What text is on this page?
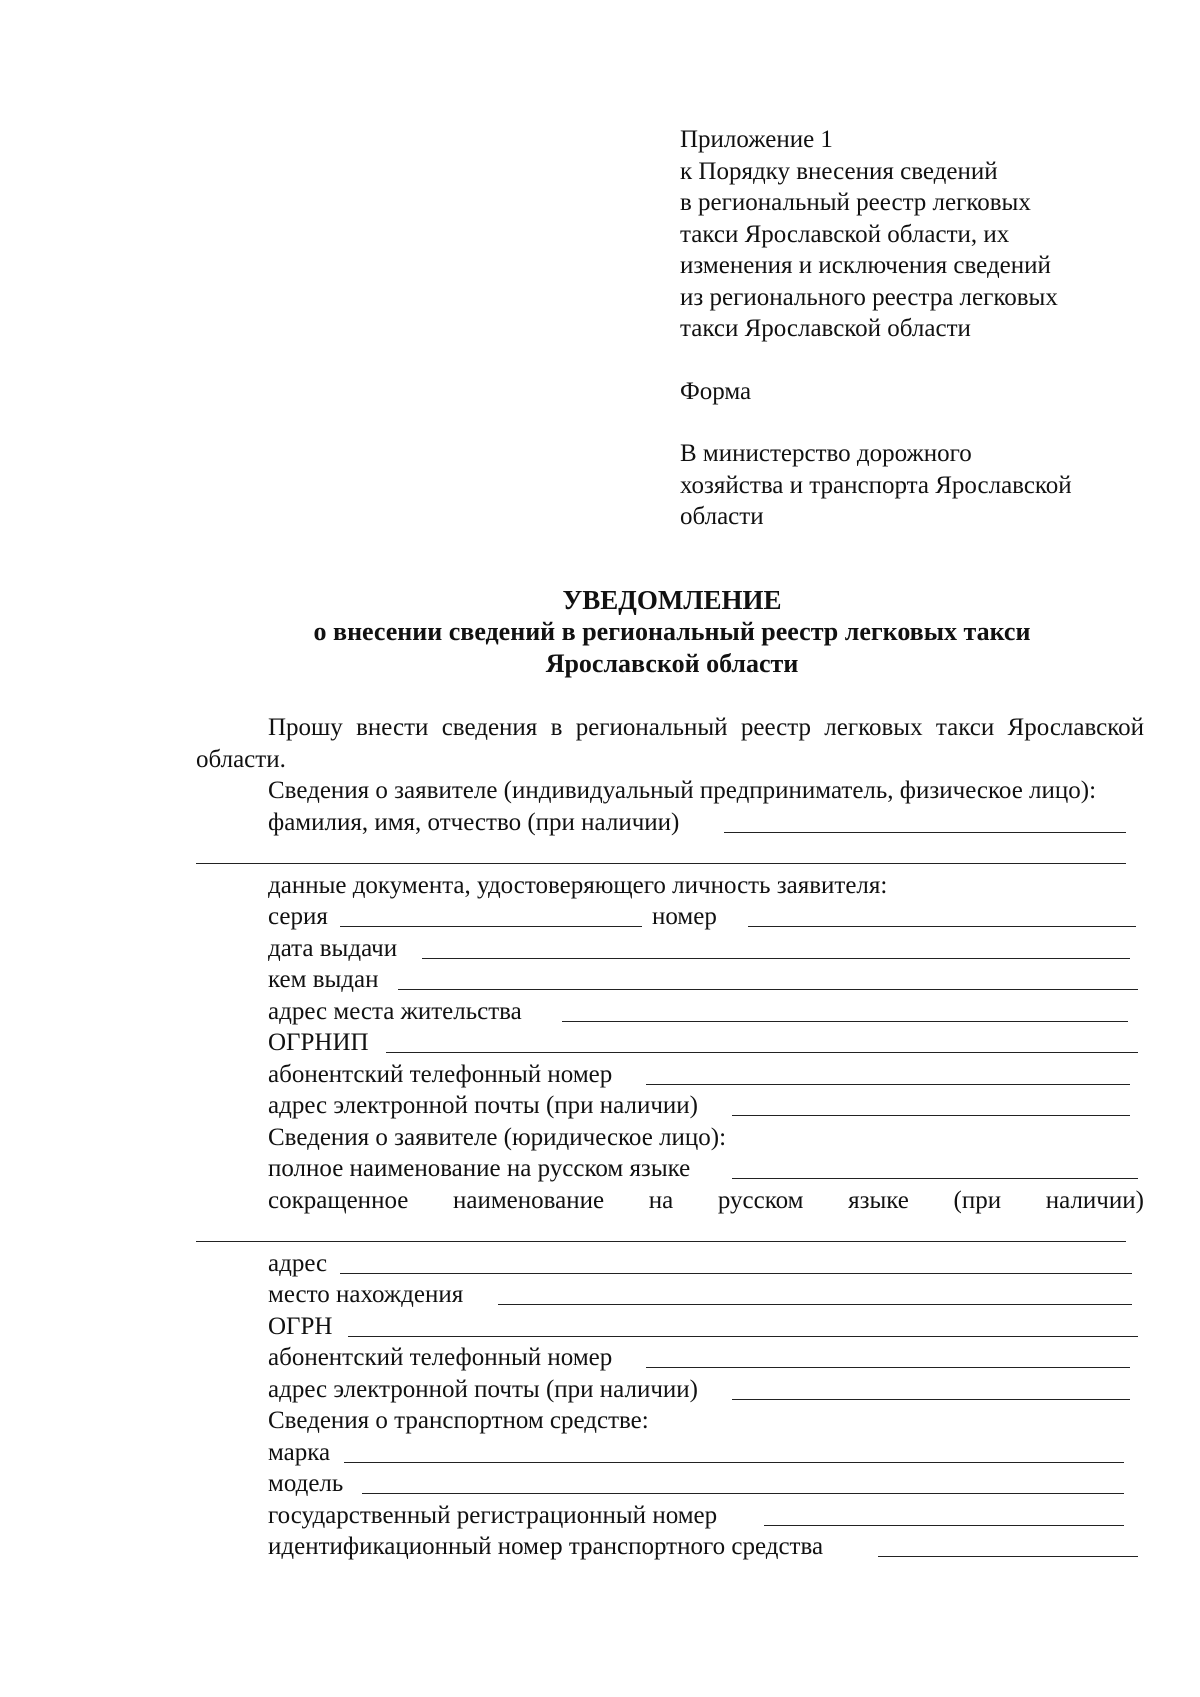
Приложение 1
к Порядку внесения сведений
в региональный реестр легковых
такси Ярославской области, их
изменения и исключения сведений
из регионального реестра легковых
такси Ярославской области
Форма
В министерство дорожного
хозяйства и транспорта Ярославской
области
УВЕДОМЛЕНИЕ
о внесении сведений в региональный реестр легковых такси
Ярославской области

Прошу внести сведения в региональный реестр легковых такси Ярославской области.

Сведения о заявителе (индивидуальный предприниматель, физическое лицо):

фамилия, имя, отчество (при наличии)
данные документа, удостоверяющего личность заявителя:
серия	номер
дата выдачи
кем выдан
адрес места жительства
ОГРНИП
абонентский телефонный номер
адрес электронной почты (при наличии)
Сведения о заявителе (юридическое лицо):
полное наименование на русском языке
сокращенное наименование на русском языке (при наличии)
адрес
место нахождения
ОГРН
абонентский телефонный номер
адрес электронной почты (при наличии)
Сведения о транспортном средстве:
марка
модель
государственный регистрационный номер
идентификационный номер транспортного средства
